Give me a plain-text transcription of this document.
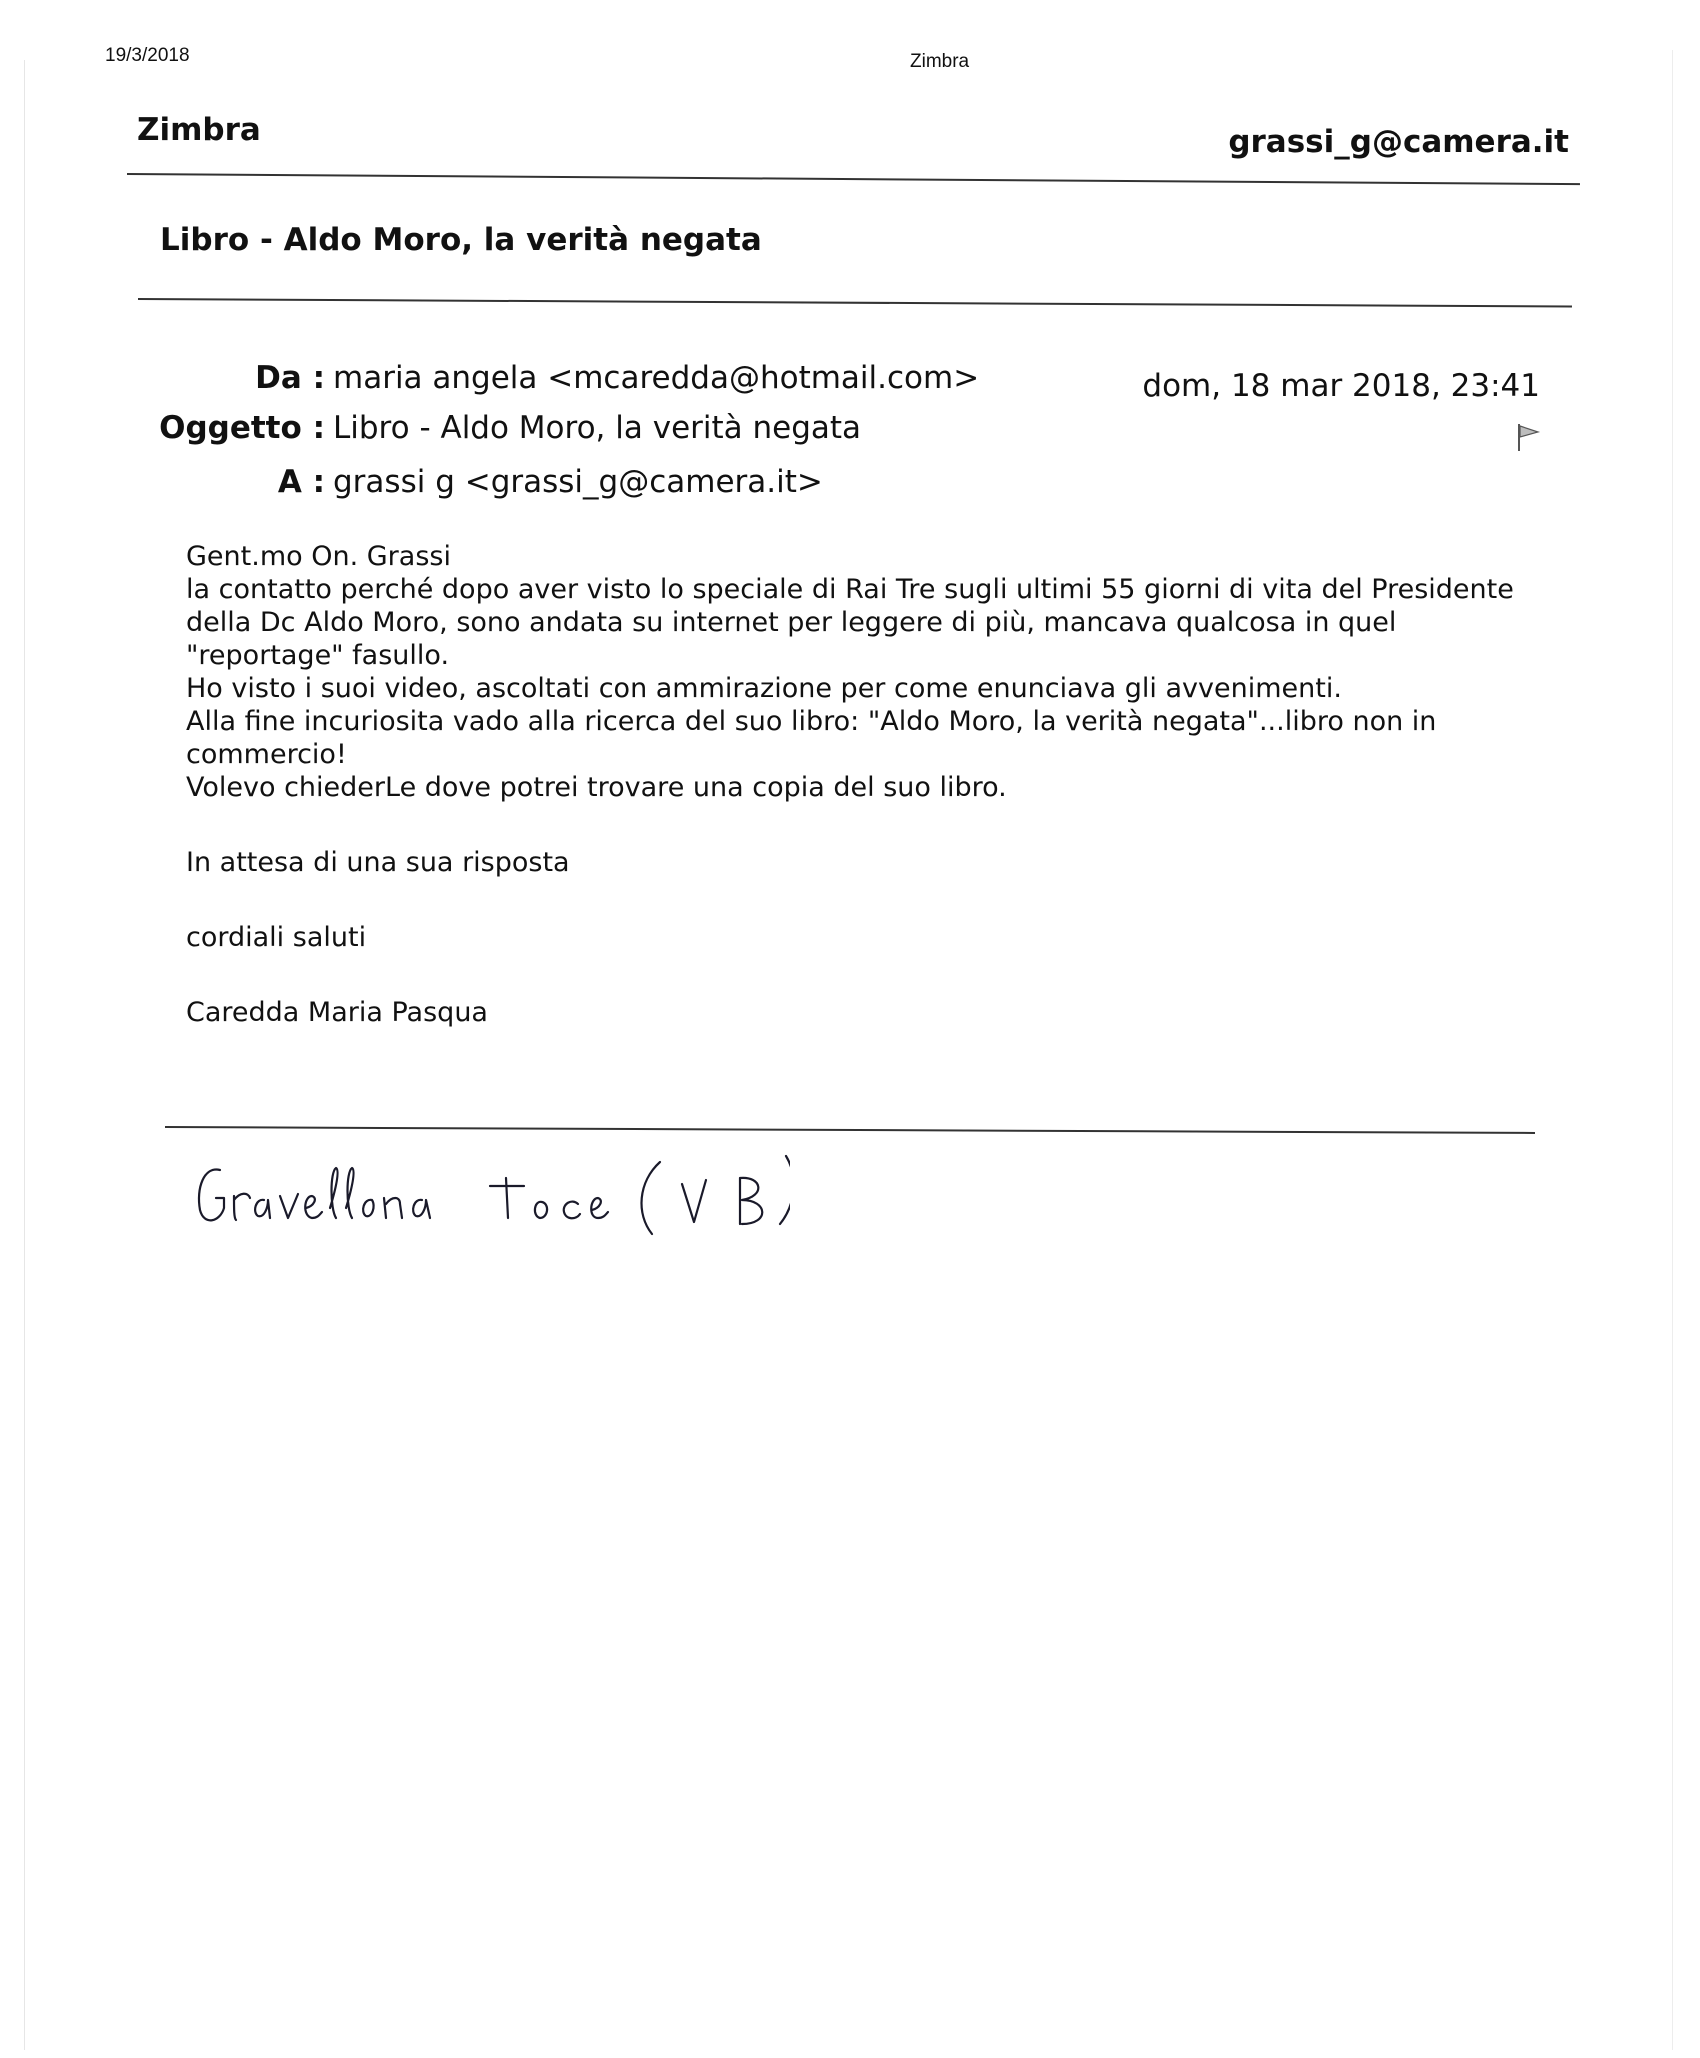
19/3/2018	Zimbra
Zimbra	grassi_g@camera.it
Libro - Aldo Moro, la verità negata
Da : maria angela <mcaredda@hotmail.com>
Oggetto : Libro - Aldo Moro, la verità negata
A : grassi g <grassi_g@camera.it>
dom, 18 mar 2018, 23:41

Gent.mo On. Grassi

la contatto perché dopo aver visto lo speciale di Rai Tre sugli ultimi 55 giorni di vita del Presidente

della Dc Aldo Moro, sono andata su internet per leggere di più, mancava qualcosa in quel

"reportage" fasullo.

Ho visto i suoi video, ascoltati con ammirazione per come enunciava gli avvenimenti.

Alla fine incuriosita vado alla ricerca del suo libro: "Aldo Moro, la verità negata"...libro non in

commercio!

Volevo chiederLe dove potrei trovare una copia del suo libro.

In attesa di una sua risposta

cordiali saluti

Caredda Maria Pasqua
